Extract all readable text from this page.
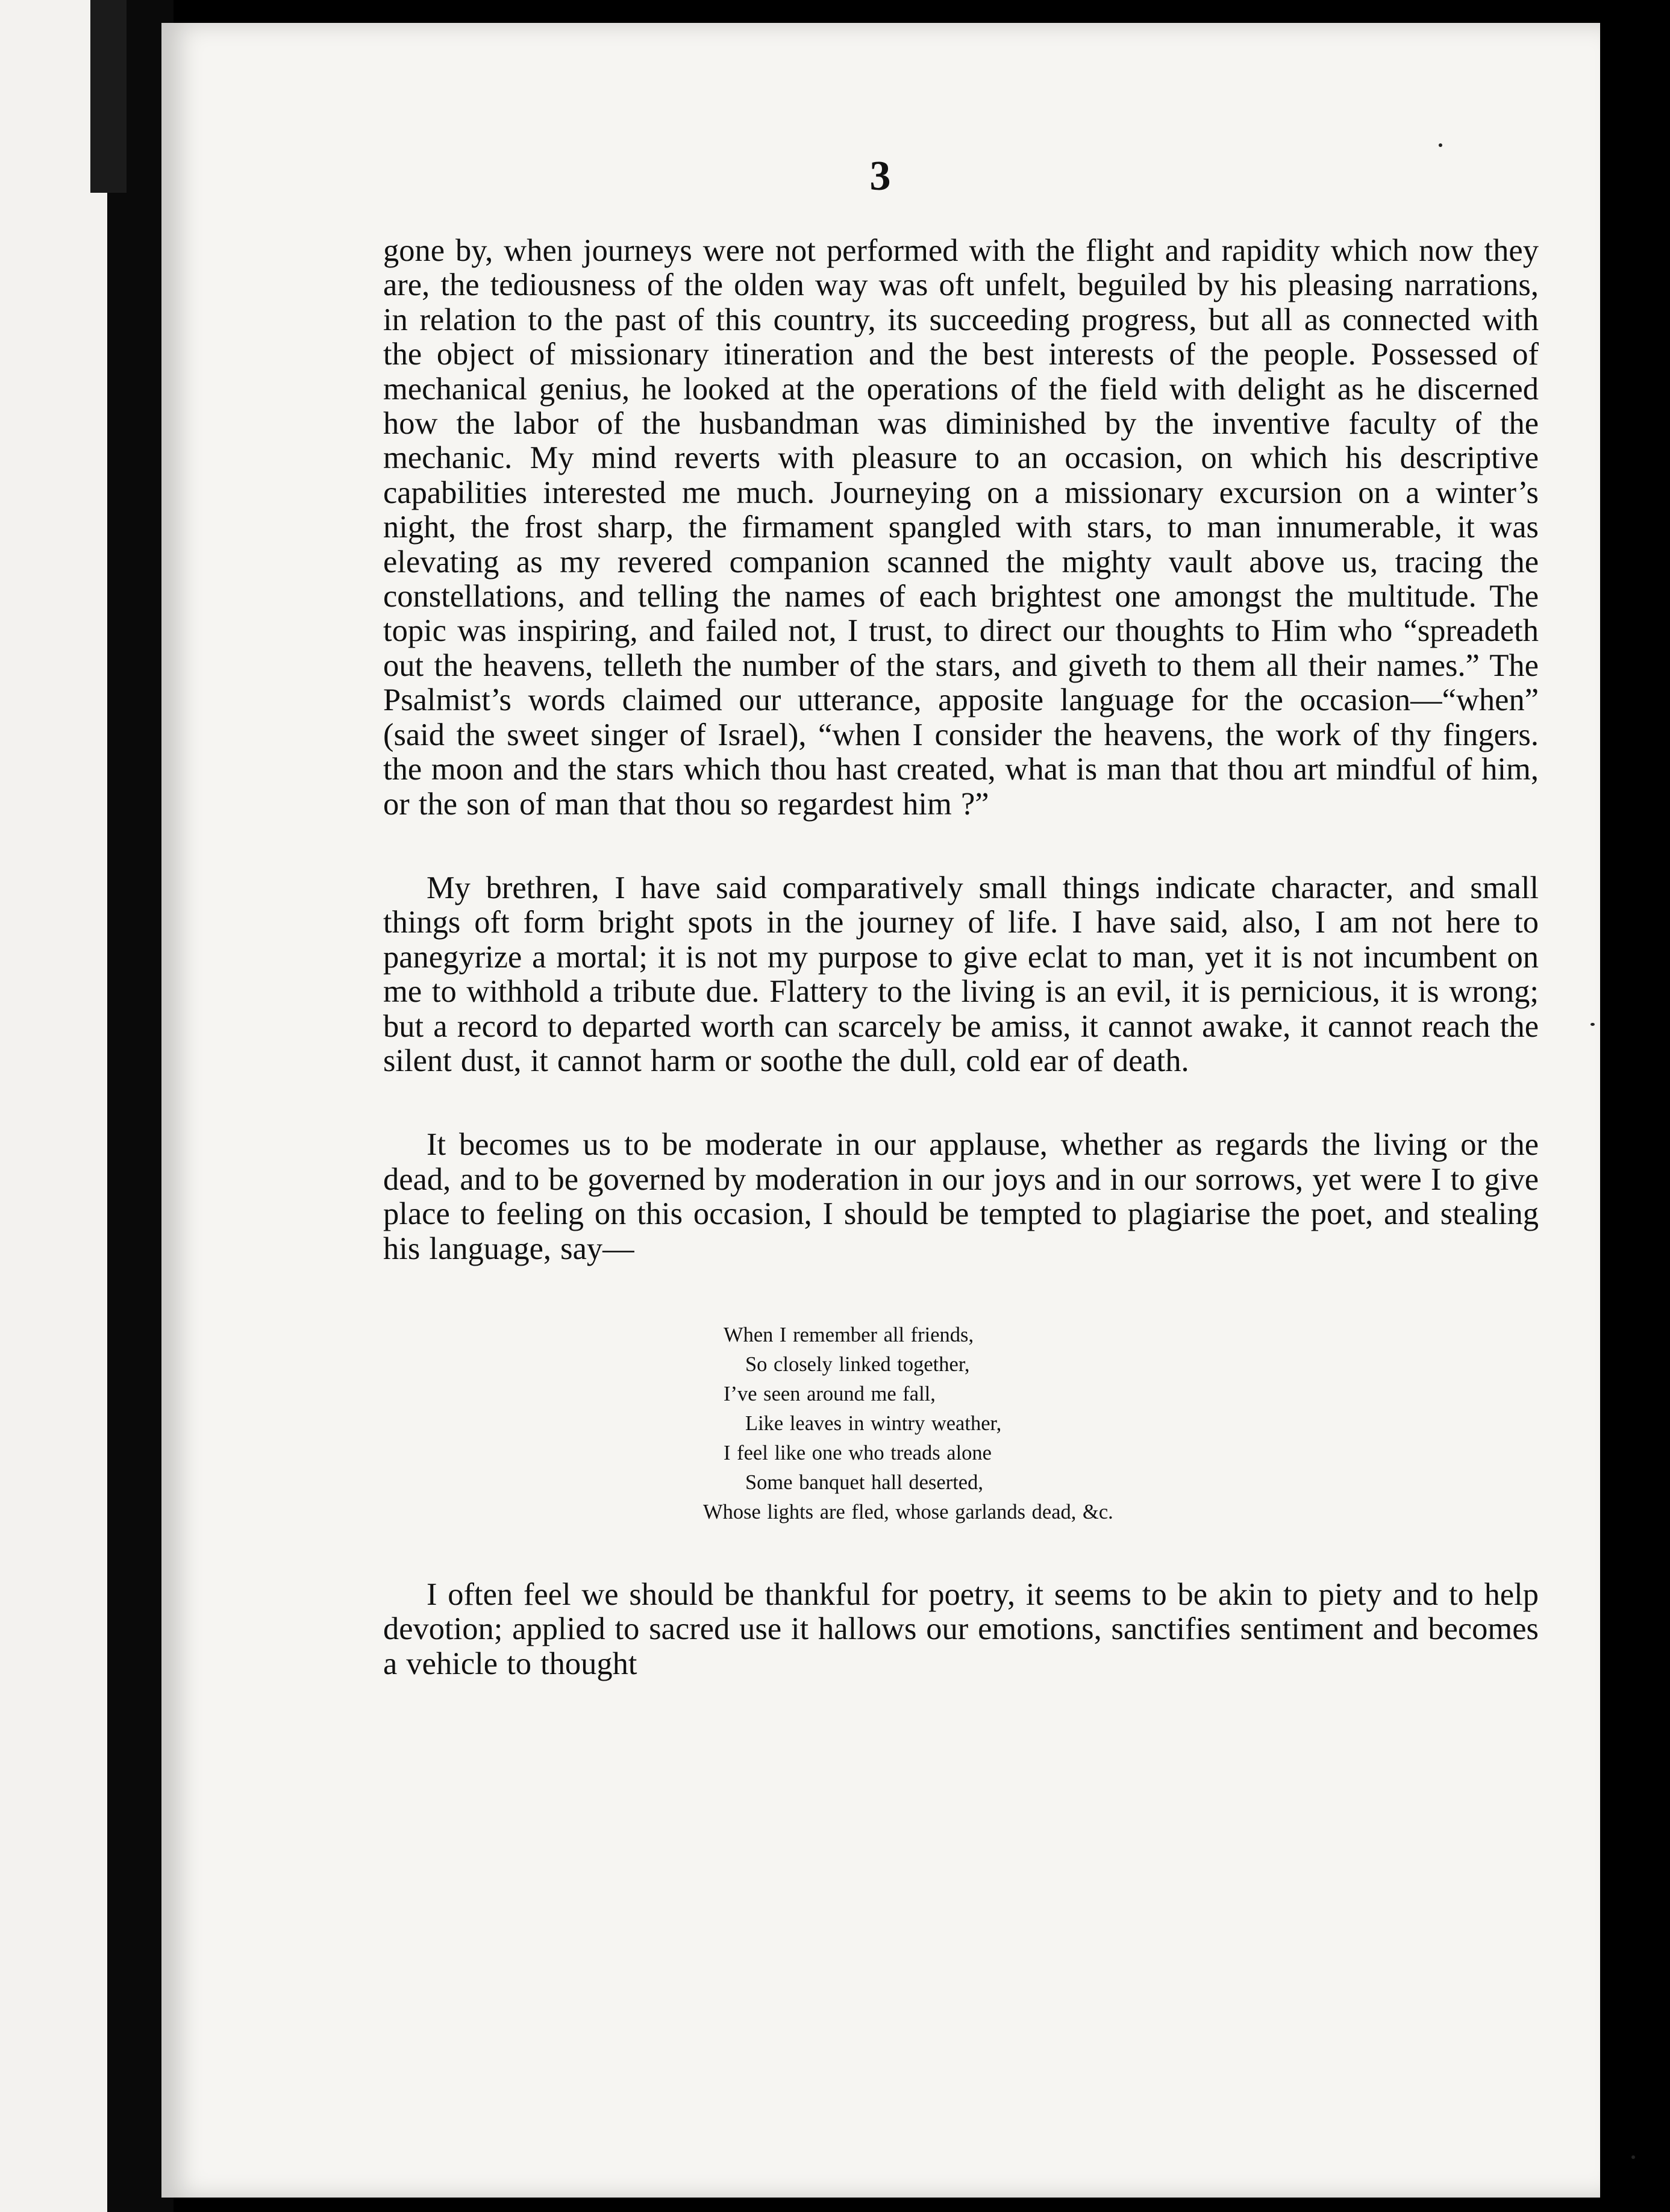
3

gone by, when journeys were not performed with the flight and rapidity which now they are, the tediousness of the olden way was oft unfelt, beguiled by his pleasing narrations, in relation to the past of this country, its succeeding progress, but all as connected with the object of missionary itineration and the best interests of the people. Possessed of mechanical genius, he looked at the operations of the field with delight as he discerned how the labor of the husbandman was diminished by the inventive faculty of the mechanic. My mind reverts with pleasure to an occasion, on which his descriptive capabilities interested me much. Journeying on a missionary excursion on a winter’s night, the frost sharp, the firmament spangled with stars, to man innumerable, it was elevating as my revered companion scanned the mighty vault above us, tracing the constellations, and telling the names of each brightest one amongst the multitude. The topic was inspiring, and failed not, I trust, to direct our thoughts to Him who “spreadeth out the heavens, telleth the number of the stars, and giveth to them all their names.” The Psalmist’s words claimed our utterance, apposite language for the occasion—“when” (said the sweet singer of Israel), “when I consider the heavens, the work of thy fingers. the moon and the stars which thou hast created, what is man that thou art mindful of him, or the son of man that thou so regardest him ?”

My brethren, I have said comparatively small things indicate character, and small things oft form bright spots in the journey of life. I have said, also, I am not here to panegyrize a mortal; it is not my purpose to give eclat to man, yet it is not incumbent on me to withhold a tribute due. Flattery to the living is an evil, it is pernicious, it is wrong; but a record to departed worth can scarcely be amiss, it cannot awake, it cannot reach the silent dust, it cannot harm or soothe the dull, cold ear of death.

It becomes us to be moderate in our applause, whether as regards the living or the dead, and to be governed by moderation in our joys and in our sorrows, yet were I to give place to feeling on this occasion, I should be tempted to plagiarise the poet, and stealing his language, say—

When I remember all friends,
So closely linked together,
I’ve seen around me fall,
Like leaves in wintry weather,
I feel like one who treads alone
Some banquet hall deserted,
Whose lights are fled, whose garlands dead, &c.

I often feel we should be thankful for poetry, it seems to be akin to piety and to help devotion; applied to sacred use it hallows our emotions, sanctifies sentiment and becomes a vehicle to thought
